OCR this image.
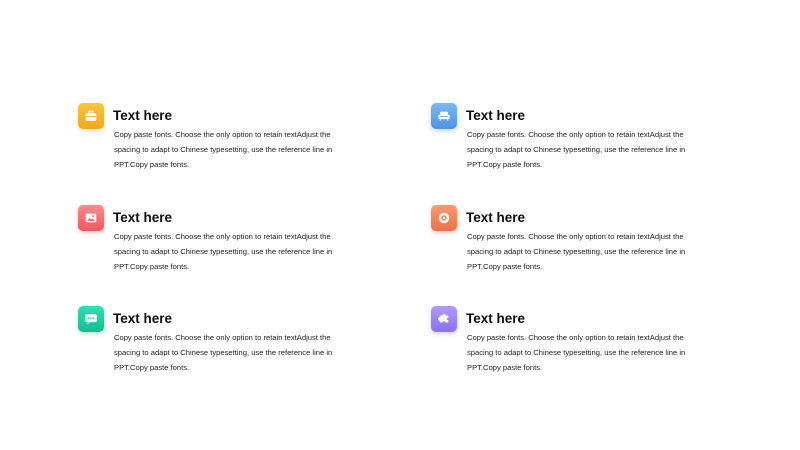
Text here

Copy paste fonts. Choose the only option to retain textAdjust the spacing to adapt to Chinese typesetting, use the reference line in PPT.Copy paste fonts.

Text here

Copy paste fonts. Choose the only option to retain textAdjust the spacing to adapt to Chinese typesetting, use the reference line in PPT.Copy paste fonts.

Text here

Copy paste fonts. Choose the only option to retain textAdjust the spacing to adapt to Chinese typesetting, use the reference line in PPT.Copy paste fonts.

Text here

Copy paste fonts. Choose the only option to retain textAdjust the spacing to adapt to Chinese typesetting, use the reference line in PPT.Copy paste fonts.

Text here

Copy paste fonts. Choose the only option to retain textAdjust the spacing to adapt to Chinese typesetting, use the reference line in PPT.Copy paste fonts.

Text here

Copy paste fonts. Choose the only option to retain textAdjust the spacing to adapt to Chinese typesetting, use the reference line in PPT.Copy paste fonts.
